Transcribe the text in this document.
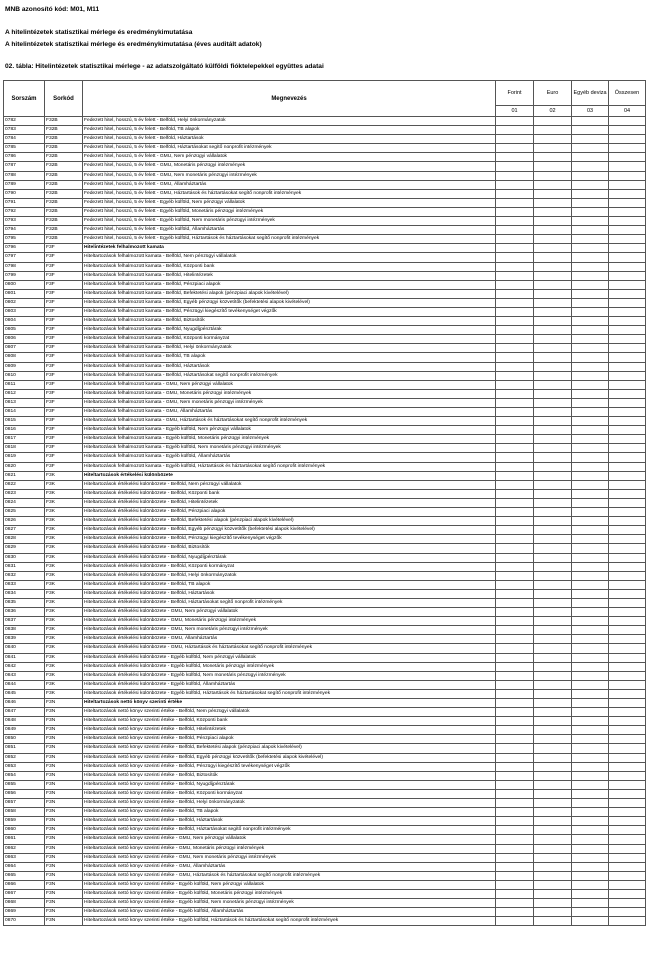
MNB azonosító kód: M01, M11
A hitelintézetek statisztikai mérlege és eredménykimutatása
A hitelintézetek statisztikai mérlege és eredménykimutatása (éves auditált adatok)
02. tábla: Hitelintézetek statisztikai mérlege - az adatszolgáltató külföldi fióktelepekkel együttes adatai
Sorszám	Sorkód	Megnevezés	Forint	Euro	Egyéb deviza	Összesen
			01	02	03	04
0782	F32B	Fedezett hitel, hosszú, 5 év felett - Belföld, Helyi önkormányzatok				
0783	F32B	Fedezett hitel, hosszú, 5 év felett - Belföld, TB alapok				
0784	F32B	Fedezett hitel, hosszú, 5 év felett - Belföld, Háztartások				
0785	F32B	Fedezett hitel, hosszú, 5 év felett - Belföld, Háztartásokat segítő nonprofit intézmények				
0786	F32B	Fedezett hitel, hosszú, 5 év felett - GMU, Nem pénzügyi vállalatok				
0787	F32B	Fedezett hitel, hosszú, 5 év felett - GMU, Monetáris pénzügyi intézmények				
0788	F32B	Fedezett hitel, hosszú, 5 év felett - GMU, Nem monetáris pénzügyi intézmények				
0789	F32B	Fedezett hitel, hosszú, 5 év felett - GMU, Államháztartás				
0790	F32B	Fedezett hitel, hosszú, 5 év felett - GMU, Háztartások és háztartásokat segítő nonprofit intézmények				
0791	F32B	Fedezett hitel, hosszú, 5 év felett - Egyéb külföld, Nem pénzügyi vállalatok				
0792	F32B	Fedezett hitel, hosszú, 5 év felett - Egyéb külföld, Monetáris pénzügyi intézmények				
0793	F32B	Fedezett hitel, hosszú, 5 év felett - Egyéb külföld, Nem monetáris pénzügyi intézmények				
0794	F32B	Fedezett hitel, hosszú, 5 év felett - Egyéb külföld, Államháztartás				
0795	F32B	Fedezett hitel, hosszú, 5 év felett - Egyéb külföld, Háztartások és háztartásokat segítő nonprofit intézmények				
0796	F3F	Hitelintézetek felhalmozott kamata				
0797	F3F	Hiteltartozások felhalmozott kamata - Belföld, Nem pénzügyi vállalatok				
0798	F3F	Hiteltartozások felhalmozott kamata - Belföld, Központi bank				
0799	F3F	Hiteltartozások felhalmozott kamata - Belföld, Hitelintézetek				
0800	F3F	Hiteltartozások felhalmozott kamata - Belföld, Pénzpiaci alapok				
0801	F3F	Hiteltartozások felhalmozott kamata - Belföld, Befektetési alapok (pénzpiaci alapok kivételével)				
0802	F3F	Hiteltartozások felhalmozott kamata - Belföld, Egyéb pénzügyi közvetítők (befektetési alapok kivételével)				
0803	F3F	Hiteltartozások felhalmozott kamata - Belföld, Pénzügyi kiegészítő tevékenységet végzők				
0804	F3F	Hiteltartozások felhalmozott kamata - Belföld, Biztosítók				
0805	F3F	Hiteltartozások felhalmozott kamata - Belföld, Nyugdíjpénztárak				
0806	F3F	Hiteltartozások felhalmozott kamata - Belföld, Központi kormányzat				
0807	F3F	Hiteltartozások felhalmozott kamata - Belföld, Helyi önkormányzatok				
0808	F3F	Hiteltartozások felhalmozott kamata - Belföld, TB alapok				
0809	F3F	Hiteltartozások felhalmozott kamata - Belföld, Háztartások				
0810	F3F	Hiteltartozások felhalmozott kamata - Belföld, Háztartásokat segítő nonprofit intézmények				
0811	F3F	Hiteltartozások felhalmozott kamata - GMU, Nem pénzügyi vállalatok				
0812	F3F	Hiteltartozások felhalmozott kamata - GMU, Monetáris pénzügyi intézmények				
0813	F3F	Hiteltartozások felhalmozott kamata - GMU, Nem monetáris pénzügyi intézmények				
0814	F3F	Hiteltartozások felhalmozott kamata - GMU, Államháztartás				
0815	F3F	Hiteltartozások felhalmozott kamata - GMU, Háztartások és háztartásokat segítő nonprofit intézmények				
0816	F3F	Hiteltartozások felhalmozott kamata - Egyéb külföld, Nem pénzügyi vállalatok				
0817	F3F	Hiteltartozások felhalmozott kamata - Egyéb külföld, Monetáris pénzügyi intézmények				
0818	F3F	Hiteltartozások felhalmozott kamata - Egyéb külföld, Nem monetáris pénzügyi intézmények				
0819	F3F	Hiteltartozások felhalmozott kamata - Egyéb külföld, Államháztartás				
0820	F3F	Hiteltartozások felhalmozott kamata - Egyéb külföld, Háztartások és háztartásokat segítő nonprofit intézmények				
0821	F3K	Hiteltartozások értékelési különbözete				
0822	F3K	Hiteltartozások értékelési különbözete - Belföld, Nem pénzügyi vállalatok				
0823	F3K	Hiteltartozások értékelési különbözete - Belföld, Központi bank				
0824	F3K	Hiteltartozások értékelési különbözete - Belföld, Hitelintézetek				
0825	F3K	Hiteltartozások értékelési különbözete - Belföld, Pénzpiaci alapok				
0826	F3K	Hiteltartozások értékelési különbözete - Belföld, Befektetési alapok (pénzpiaci alapok kivételével)				
0827	F3K	Hiteltartozások értékelési különbözete - Belföld, Egyéb pénzügyi közvetítők (befektetési alapok kivételével)				
0828	F3K	Hiteltartozások értékelési különbözete - Belföld, Pénzügyi kiegészítő tevékenységet végzők				
0829	F3K	Hiteltartozások értékelési különbözete - Belföld, Biztosítók				
0830	F3K	Hiteltartozások értékelési különbözete - Belföld, Nyugdíjpénztárak				
0831	F3K	Hiteltartozások értékelési különbözete - Belföld, Központi kormányzat				
0832	F3K	Hiteltartozások értékelési különbözete - Belföld, Helyi önkormányzatok				
0833	F3K	Hiteltartozások értékelési különbözete - Belföld, TB alapok				
0834	F3K	Hiteltartozások értékelési különbözete - Belföld, Háztartások				
0835	F3K	Hiteltartozások értékelési különbözete - Belföld, Háztartásokat segítő nonprofit intézmények				
0836	F3K	Hiteltartozások értékelési különbözete - GMU, Nem pénzügyi vállalatok				
0837	F3K	Hiteltartozások értékelési különbözete - GMU, Monetáris pénzügyi intézmények				
0838	F3K	Hiteltartozások értékelési különbözete - GMU, Nem monetáris pénzügyi intézmények				
0839	F3K	Hiteltartozások értékelési különbözete - GMU, Államháztartás				
0840	F3K	Hiteltartozások értékelési különbözete - GMU, Háztartások és háztartásokat segítő nonprofit intézmények				
0841	F3K	Hiteltartozások értékelési különbözete - Egyéb külföld, Nem pénzügyi vállalatok				
0842	F3K	Hiteltartozások értékelési különbözete - Egyéb külföld, Monetáris pénzügyi intézmények				
0843	F3K	Hiteltartozások értékelési különbözete - Egyéb külföld, Nem monetáris pénzügyi intézmények				
0844	F3K	Hiteltartozások értékelési különbözete - Egyéb külföld, Államháztartás				
0845	F3K	Hiteltartozások értékelési különbözete - Egyéb külföld, Háztartások és háztartásokat segítő nonprofit intézmények				
0846	F3N	Hiteltartozások nettó könyv szerinti értéke				
0847	F3N	Hiteltartozások nettó könyv szerinti értéke - Belföld, Nem pénzügyi vállalatok				
0848	F3N	Hiteltartozások nettó könyv szerinti értéke - Belföld, Központi bank				
0849	F3N	Hiteltartozások nettó könyv szerinti értéke - Belföld, Hitelintézetek				
0850	F3N	Hiteltartozások nettó könyv szerinti értéke - Belföld, Pénzpiaci alapok				
0851	F3N	Hiteltartozások nettó könyv szerinti értéke - Belföld, Befektetési alapok (pénzpiaci alapok kivételével)				
0852	F3N	Hiteltartozások nettó könyv szerinti értéke - Belföld, Egyéb pénzügyi közvetítők (befektetési alapok kivételével)				
0853	F3N	Hiteltartozások nettó könyv szerinti értéke - Belföld, Pénzügyi kiegészítő tevékenységet végzők				
0854	F3N	Hiteltartozások nettó könyv szerinti értéke - Belföld, Biztosítók				
0855	F3N	Hiteltartozások nettó könyv szerinti értéke - Belföld, Nyugdíjpénztárak				
0856	F3N	Hiteltartozások nettó könyv szerinti értéke - Belföld, Központi kormányzat				
0857	F3N	Hiteltartozások nettó könyv szerinti értéke - Belföld, Helyi önkormányzatok				
0858	F3N	Hiteltartozások nettó könyv szerinti értéke - Belföld, TB alapok				
0859	F3N	Hiteltartozások nettó könyv szerinti értéke - Belföld, Háztartások				
0860	F3N	Hiteltartozások nettó könyv szerinti értéke - Belföld, Háztartásokat segítő nonprofit intézmények				
0861	F3N	Hiteltartozások nettó könyv szerinti értéke - GMU, Nem pénzügyi vállalatok				
0862	F3N	Hiteltartozások nettó könyv szerinti értéke - GMU, Monetáris pénzügyi intézmények				
0863	F3N	Hiteltartozások nettó könyv szerinti értéke - GMU, Nem monetáris pénzügyi intézmények				
0864	F3N	Hiteltartozások nettó könyv szerinti értéke - GMU, Államháztartás				
0865	F3N	Hiteltartozások nettó könyv szerinti értéke - GMU, Háztartások és háztartásokat segítő nonprofit intézmények				
0866	F3N	Hiteltartozások nettó könyv szerinti értéke - Egyéb külföld, Nem pénzügyi vállalatok				
0867	F3N	Hiteltartozások nettó könyv szerinti értéke - Egyéb külföld, Monetáris pénzügyi intézmények				
0868	F3N	Hiteltartozások nettó könyv szerinti értéke - Egyéb külföld, Nem monetáris pénzügyi intézmények				
0869	F3N	Hiteltartozások nettó könyv szerinti értéke - Egyéb külföld, Államháztartás				
0870	F3N	Hiteltartozások nettó könyv szerinti értéke - Egyéb külföld, Háztartások és háztartásokat segítő nonprofit intézmények				
